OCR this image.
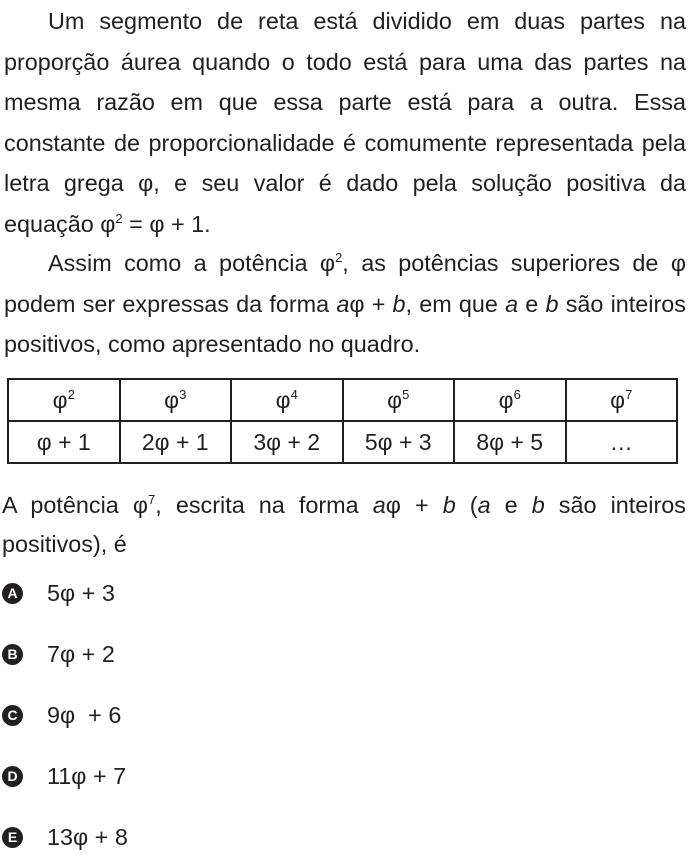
Um segmento de reta está dividido em duas partes na proporção áurea quando o todo está para uma das partes na mesma razão em que essa parte está para a outra. Essa constante de proporcionalidade é comumente representada pela letra grega φ, e seu valor é dado pela solução positiva da equação $\varphi^2 = \varphi + 1$.

Assim como a potência $\varphi^2$, as potências superiores de φ podem ser expressas da forma aφ + b, em que a e b são inteiros positivos, como apresentado no quadro.

$\varphi^2$	$\varphi^3$	$\varphi^4$	$\varphi^5$	$\varphi^6$	$\varphi^7$
φ + 1	2φ + 1	3φ + 2	5φ + 3	8φ + 5	…

A potência $\varphi^7$, escrita na forma aφ + b (a e b são inteiros positivos), é

A 5φ + 3
B 7φ + 2
C 9φ  + 6
D 11φ + 7
E 13φ + 8
